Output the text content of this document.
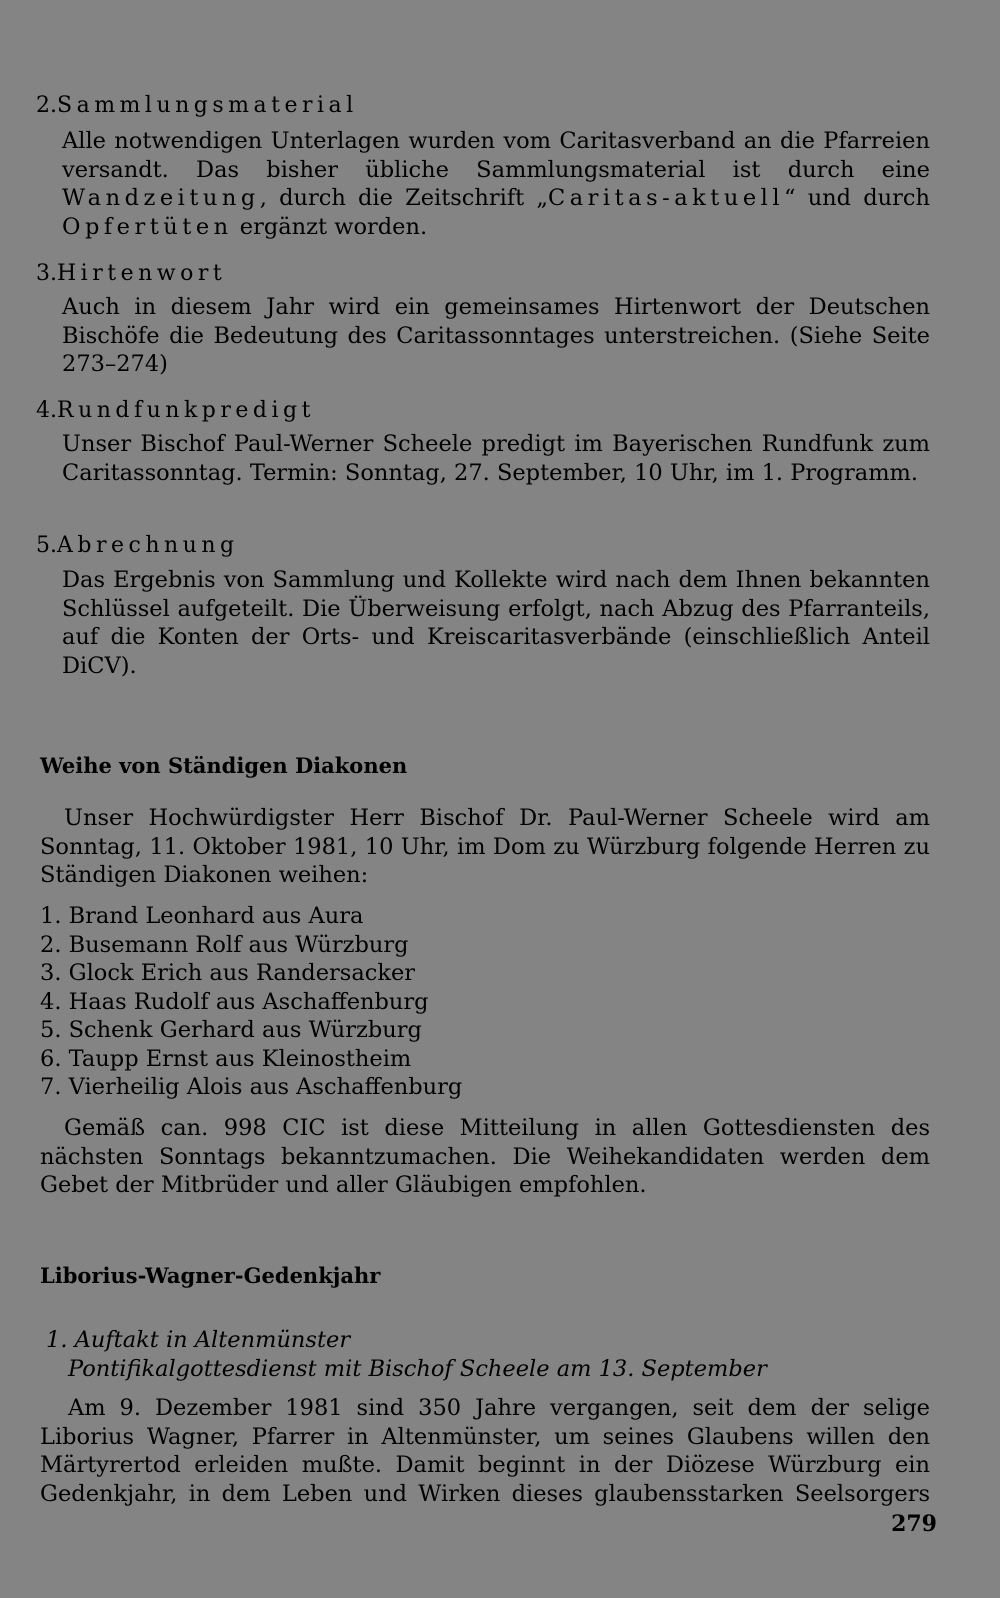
2.Sammlungsmaterial

Alle notwendigen Unterlagen wurden vom Caritasverband an die Pfarreien versandt. Das bisher übliche Sammlungsmaterial ist durch eine Wandzeitung, durch die Zeitschrift „Caritas-aktuell“ und durch Opfertüten ergänzt worden.

3.Hirtenwort

Auch in diesem Jahr wird ein gemeinsames Hirtenwort der Deutschen Bischöfe die Bedeutung des Caritassonntages unterstreichen. (Siehe Seite 273–274)

4.Rundfunkpredigt

Unser Bischof Paul-Werner Scheele predigt im Bayerischen Rundfunk zum Caritassonntag. Termin: Sonntag, 27. September, 10 Uhr, im 1. Programm.

5.Abrechnung

Das Ergebnis von Sammlung und Kollekte wird nach dem Ihnen bekannten Schlüssel aufgeteilt. Die Überweisung erfolgt, nach Abzug des Pfarranteils, auf die Konten der Orts- und Kreiscaritasverbände (einschließlich Anteil DiCV).

Weihe von Ständigen Diakonen

Unser Hochwürdigster Herr Bischof Dr. Paul-Werner Scheele wird am Sonntag, 11. Oktober 1981, 10 Uhr, im Dom zu Würzburg folgende Herren zu Ständigen Diakonen weihen:

1. Brand Leonhard aus Aura
2. Busemann Rolf aus Würzburg
3. Glock Erich aus Randersacker
4. Haas Rudolf aus Aschaffenburg
5. Schenk Gerhard aus Würzburg
6. Taupp Ernst aus Kleinostheim
7. Vierheilig Alois aus Aschaffenburg

Gemäß can. 998 CIC ist diese Mitteilung in allen Gottesdiensten des nächsten Sonntags bekanntzumachen. Die Weihekandidaten werden dem Gebet der Mitbrüder und aller Gläubigen empfohlen.

Liborius-Wagner-Gedenkjahr

1. Auftakt in Altenmünster

Pontifikalgottesdienst mit Bischof Scheele am 13. September

Am 9. Dezember 1981 sind 350 Jahre vergangen, seit dem der selige Liborius Wagner, Pfarrer in Altenmünster, um seines Glaubens willen den Märtyrertod erleiden mußte. Damit beginnt in der Diözese Würzburg ein Gedenkjahr, in dem Leben und Wirken dieses glaubensstarken Seelsorgers

279
